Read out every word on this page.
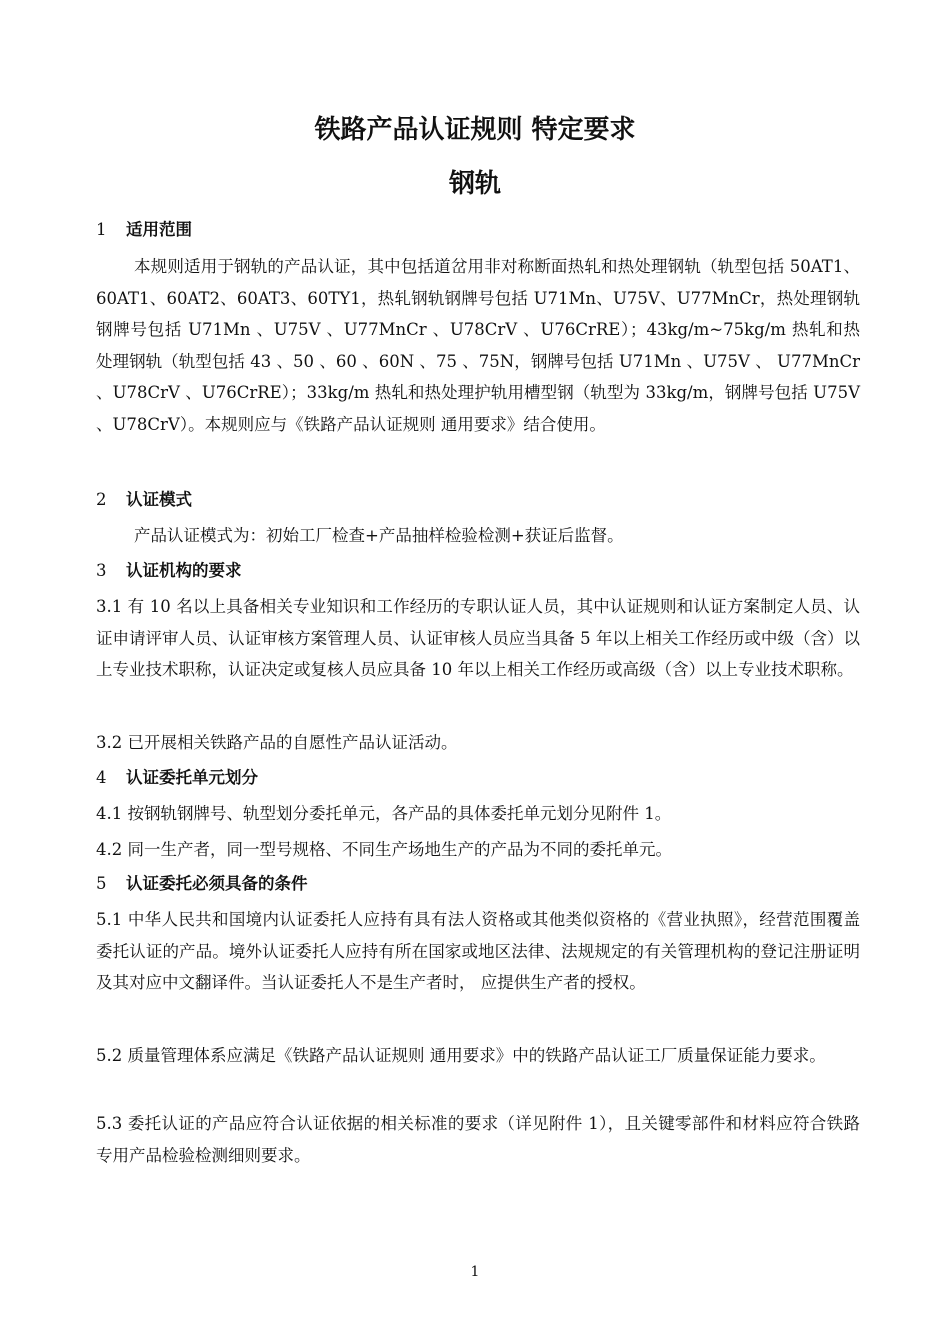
铁路产品认证规则 特定要求
钢轨
1 适用范围
本规则适用于钢轨的产品认证，其中包括道岔用非对称断面热轧和热处理钢轨（轨型包括 50AT1、60AT1、60AT2、60AT3、60TY1，热轧钢轨钢牌号包括 U71Mn、U75V、U77MnCr，热处理钢轨钢牌号包括 U71Mn 、U75V 、U77MnCr 、U78CrV 、U76CrRE）；43kg/m~75kg/m 热轧和热处理钢轨（轨型包括 43 、50 、60 、60N 、75 、75N，钢牌号包括 U71Mn 、U75V 、 U77MnCr 、U78CrV 、U76CrRE）；33kg/m 热轧和热处理护轨用槽型钢（轨型为 33kg/m，钢牌号包括 U75V 、U78CrV）。本规则应与《铁路产品认证规则 通用要求》结合使用。
2 认证模式
产品认证模式为：初始工厂检查+产品抽样检验检测+获证后监督。
3 认证机构的要求
3.1 有 10 名以上具备相关专业知识和工作经历的专职认证人员，其中认证规则和认证方案制定人员、认证申请评审人员、认证审核方案管理人员、认证审核人员应当具备 5 年以上相关工作经历或中级（含）以上专业技术职称，认证决定或复核人员应具备 10 年以上相关工作经历或高级（含）以上专业技术职称。
3.2 已开展相关铁路产品的自愿性产品认证活动。
4 认证委托单元划分
4.1 按钢轨钢牌号、轨型划分委托单元，各产品的具体委托单元划分见附件 1。
4.2 同一生产者，同一型号规格、不同生产场地生产的产品为不同的委托单元。
5 认证委托必须具备的条件
5.1 中华人民共和国境内认证委托人应持有具有法人资格或其他类似资格的《营业执照》，经营范围覆盖委托认证的产品。境外认证委托人应持有所在国家或地区法律、法规规定的有关管理机构的登记注册证明及其对应中文翻译件。当认证委托人不是生产者时， 应提供生产者的授权。
5.2 质量管理体系应满足《铁路产品认证规则 通用要求》中的铁路产品认证工厂质量保证能力要求。
5.3 委托认证的产品应符合认证依据的相关标准的要求（详见附件 1），且关键零部件和材料应符合铁路专用产品检验检测细则要求。
1
